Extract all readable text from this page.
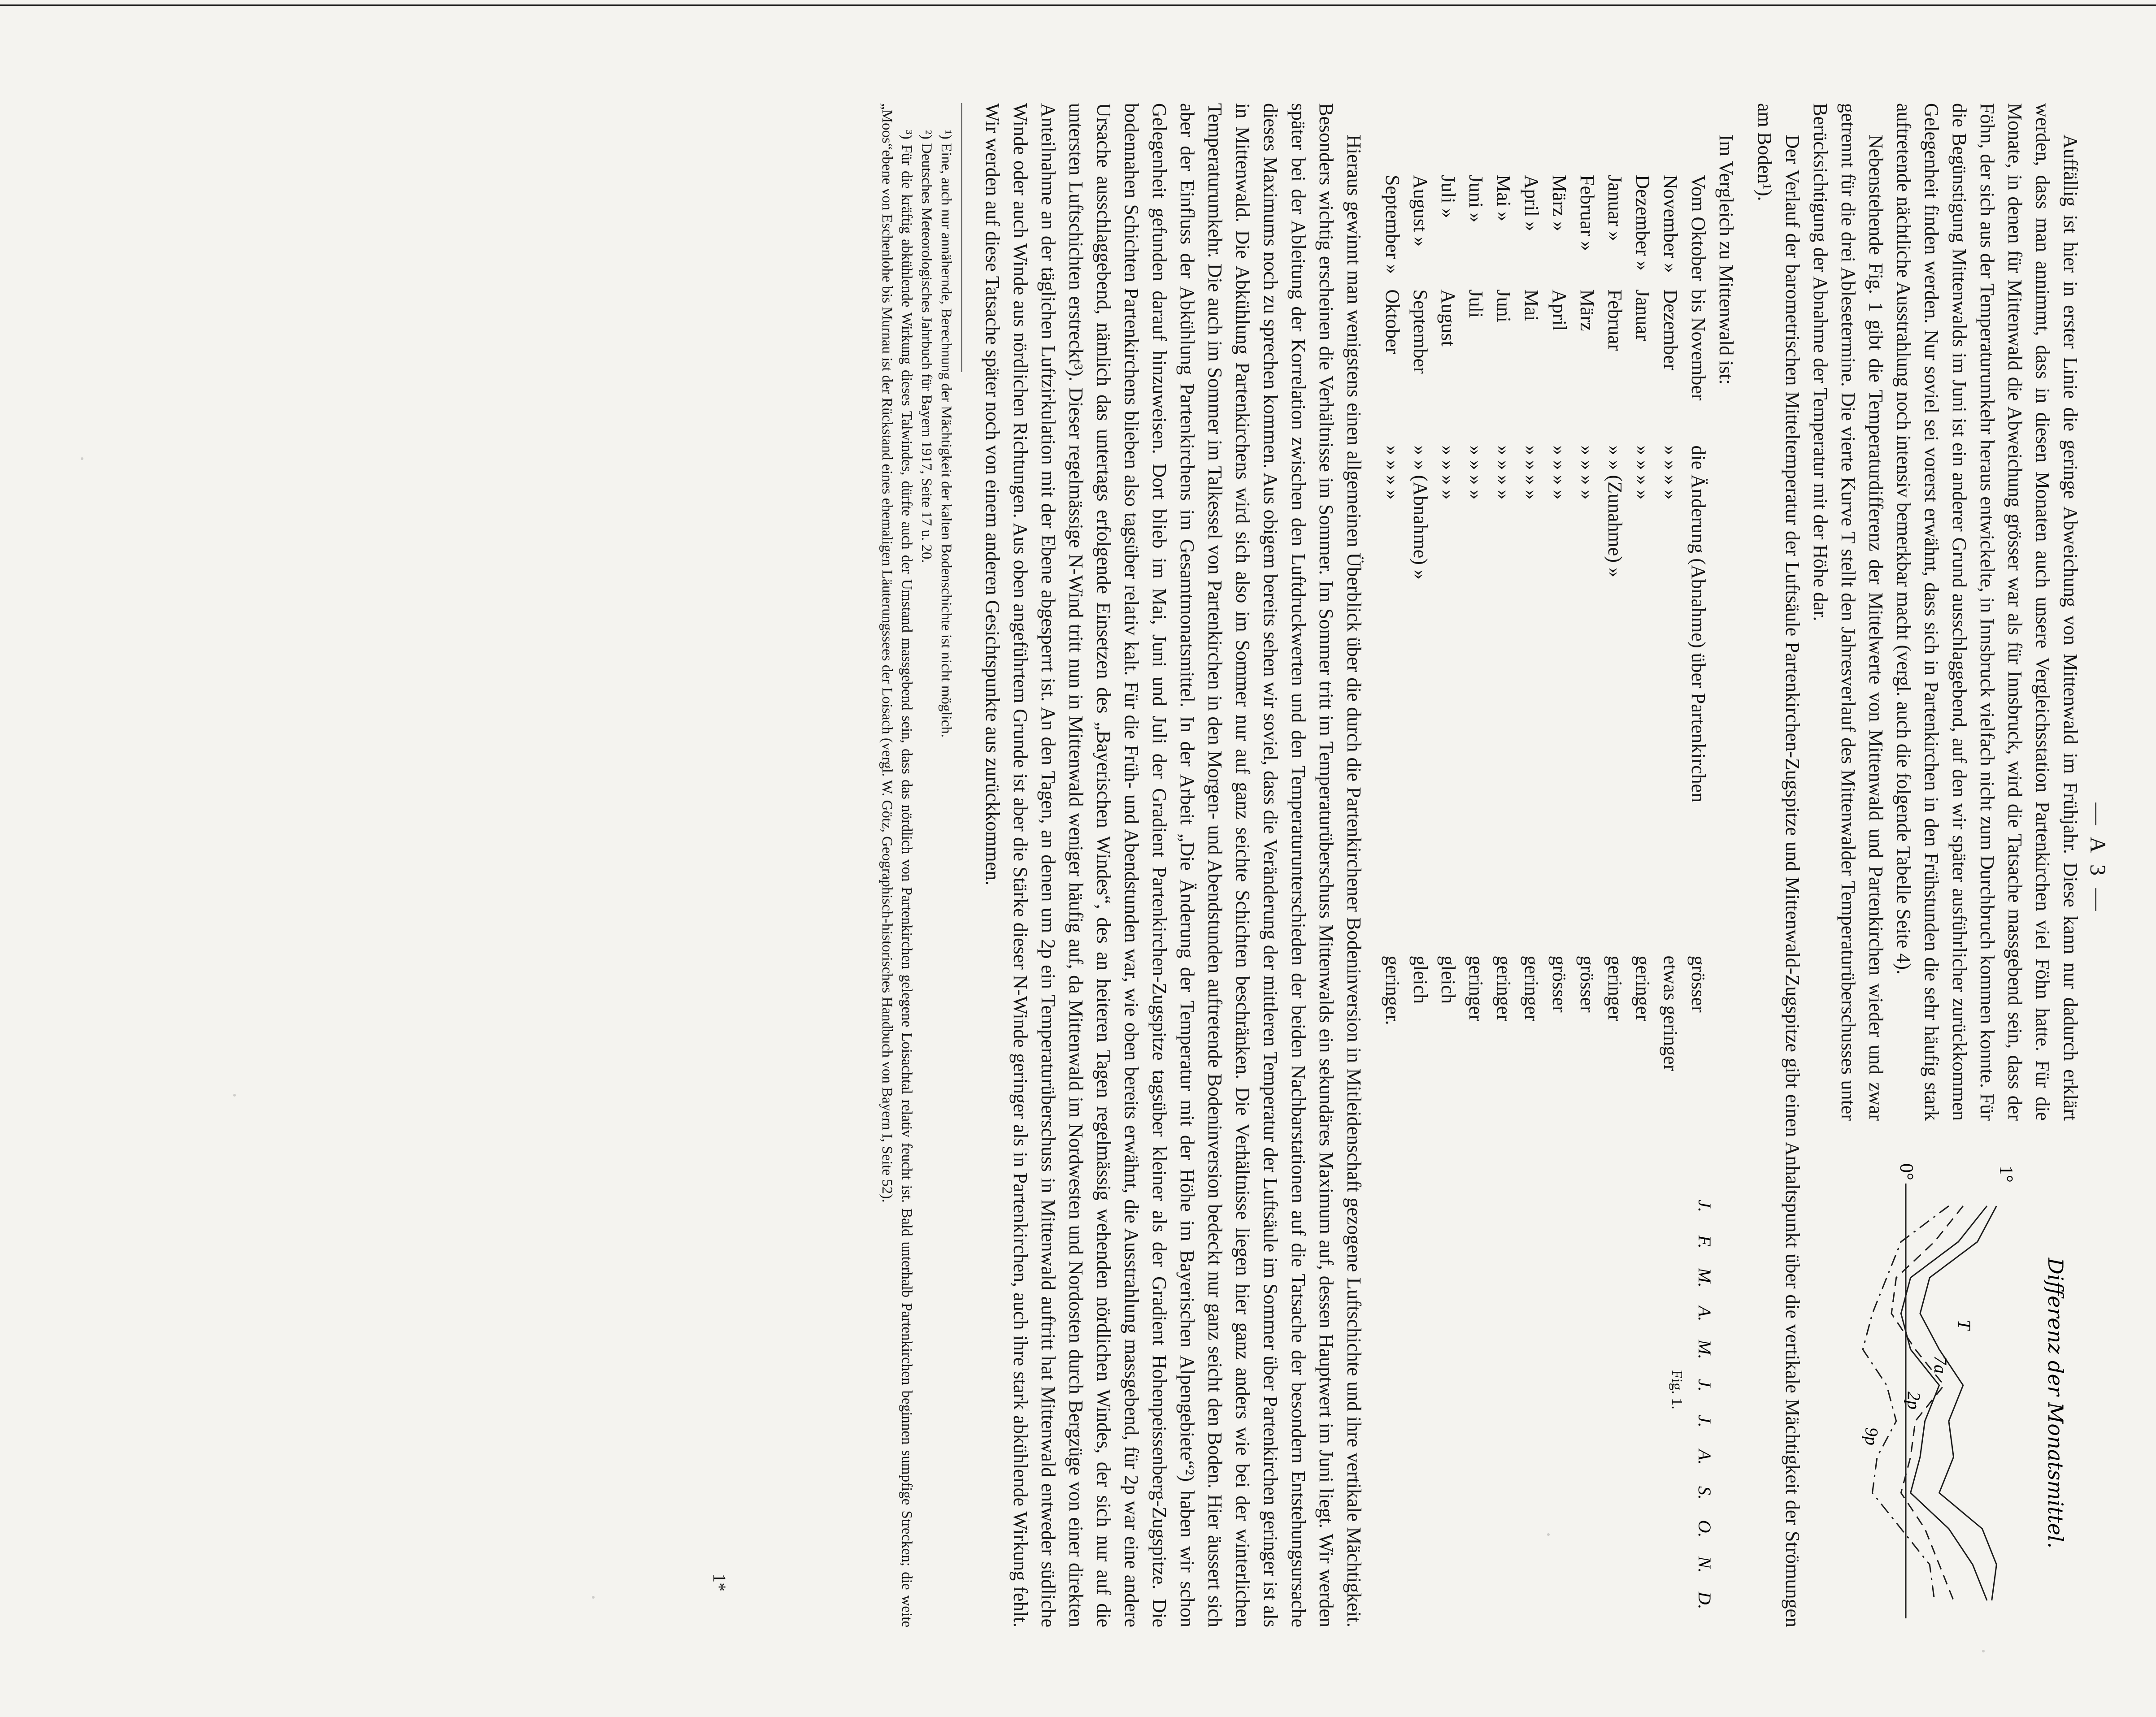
— A 3 —
Differenz der Monatsmittel.
1°
0°
T
7a
2p
9p
J.
F.
M.
A.
M.
J.
J.
A.
S.
O.
N.
D.
Fig. 1.

Auffällig ist hier in erster Linie die geringe Abweichung von Mittenwald im Frühjahr. Diese kann nur dadurch erklärt werden, dass man annimmt, dass in diesen Monaten auch unsere Vergleichsstation Partenkirchen viel Föhn hatte. Für die Monate, in denen für Mittenwald die Abweichung grösser war als für Innsbruck, wird die Tatsache massgebend sein, dass der Föhn, der sich aus der Temperaturumkehr heraus entwickelte, in Innsbruck vielfach nicht zum Durchbruch kommen konnte. Für die Begünstigung Mittenwalds im Juni ist ein anderer Grund ausschlaggebend, auf den wir später ausführlicher zurückkommen Gelegenheit finden werden. Nur soviel sei vorerst erwähnt, dass sich in Partenkirchen in den Frühstunden die sehr häufig stark auftretende nächtliche Ausstrahlung noch intensiv bemerkbar macht (vergl. auch die folgende Tabelle Seite 4).

Nebenstehende Fig. 1 gibt die Temperaturdifferenz der Mittelwerte von Mittenwald und Partenkirchen wieder und zwar getrennt für die drei Ablesetermine. Die vierte Kurve T stellt den Jahresverlauf des Mittenwalder Temperaturüberschusses unter Berücksichtigung der Abnahme der Temperatur mit der Höhe dar.

Der Verlauf der barometrischen Mitteltemperatur der Luftsäule Partenkirchen-Zugspitze und Mittenwald-Zugspitze gibt einen Anhaltspunkt über die vertikale Mächtigkeit der Strömungen am Boden¹).

Im Vergleich zu Mittenwald ist:
Vom Oktober	bis November	die Änderung (Abnahme) über Partenkirchen	grösser
November »	Dezember	» » » »	etwas geringer
Dezember »	Januar	» » » »	geringer
Januar »	Februar	» » (Zunahme) »	geringer
Februar »	März	» » » »	grösser
März »	April	» » » »	grösser
April »	Mai	» » » »	geringer
Mai »	Juni	» » » »	geringer
Juni »	Juli	» » » »	geringer
Juli »	August	» » » »	gleich
August »	September	» » (Abnahme) »	gleich
September »	Oktober	» » » »	geringer.

Hieraus gewinnt man wenigstens einen allgemeinen Überblick über die durch die Partenkirchener Bodeninversion in Mitleidenschaft gezogene Luftschichte und ihre vertikale Mächtigkeit. Besonders wichtig erscheinen die Verhältnisse im Sommer. Im Sommer tritt im Temperaturüberschuss Mittenwalds ein sekundäres Maximum auf, dessen Hauptwert im Juni liegt. Wir werden später bei der Ableitung der Korrelation zwischen den Luftdruckwerten und den Temperaturunterschieden der beiden Nachbarstationen auf die Tatsache der besondern Entstehungsursache dieses Maximums noch zu sprechen kommen. Aus obigem bereits sehen wir soviel, dass die Veränderung der mittleren Temperatur der Luftsäule im Sommer über Partenkirchen geringer ist als in Mittenwald. Die Abkühlung Partenkirchens wird sich also im Sommer nur auf ganz seichte Schichten beschränken. Die Verhältnisse liegen hier ganz anders wie bei der winterlichen Temperaturumkehr. Die auch im Sommer im Talkessel von Partenkirchen in den Morgen- und Abendstunden auftretende Bodeninversion bedeckt nur ganz seicht den Boden. Hier äussert sich aber der Einfluss der Abkühlung Partenkirchens im Gesamtmonatsmittel. In der Arbeit „Die Änderung der Temperatur mit der Höhe im Bayerischen Alpengebiete“²) haben wir schon Gelegenheit gefunden darauf hinzuweisen. Dort blieb im Mai, Juni und Juli der Gradient Partenkirchen-Zugspitze tagsüber kleiner als der Gradient Hohenpeissenberg-Zugspitze. Die bodennahen Schichten Partenkirchens blieben also tagsüber relativ kalt. Für die Früh- und Abendstunden war, wie oben bereits erwähnt, die Ausstrahlung massgebend, für 2p war eine andere Ursache ausschlaggebend, nämlich das untertags erfolgende Einsetzen des „Bayerischen Windes“, des an heiteren Tagen regelmässig wehenden nördlichen Windes, der sich nur auf die untersten Luftschichten erstreckt³). Dieser regelmässige N-Wind tritt nun in Mittenwald weniger häufig auf, da Mittenwald im Nordwesten und Nordosten durch Bergzüge von einer direkten Anteilnahme an der täglichen Luftzirkulation mit der Ebene abgesperrt ist. An den Tagen, an denen um 2p ein Temperaturüberschuss in Mittenwald auftritt hat Mittenwald entweder südliche Winde oder auch Winde aus nördlichen Richtungen. Aus oben angeführtem Grunde ist aber die Stärke dieser N-Winde geringer als in Partenkirchen, auch ihre stark abkühlende Wirkung fehlt. Wir werden auf diese Tatsache später noch von einem anderen Gesichtspunkte aus zurückkommen.

¹) Eine, auch nur annähernde, Berechnung der Mächtigkeit der kalten Bodenschichte ist nicht möglich.

²) Deutsches Meteorologisches Jahrbuch für Bayern 1917, Seite 17 u. 20.

³) Für die kräftig abkühlende Wirkung dieses Talwindes, dürfte auch der Umstand massgebend sein, dass das nördlich von Partenkirchen gelegene Loisachtal relativ feucht ist. Bald unterhalb Partenkirchen beginnen sumpfige Strecken; die weite „Moos“ebene von Eschenlohe bis Murnau ist der Rückstand eines ehemaligen Läuterungssees der Loisach (vergl. W. Götz, Geographisch-historisches Handbuch von Bayern I, Seite 52).

1*
